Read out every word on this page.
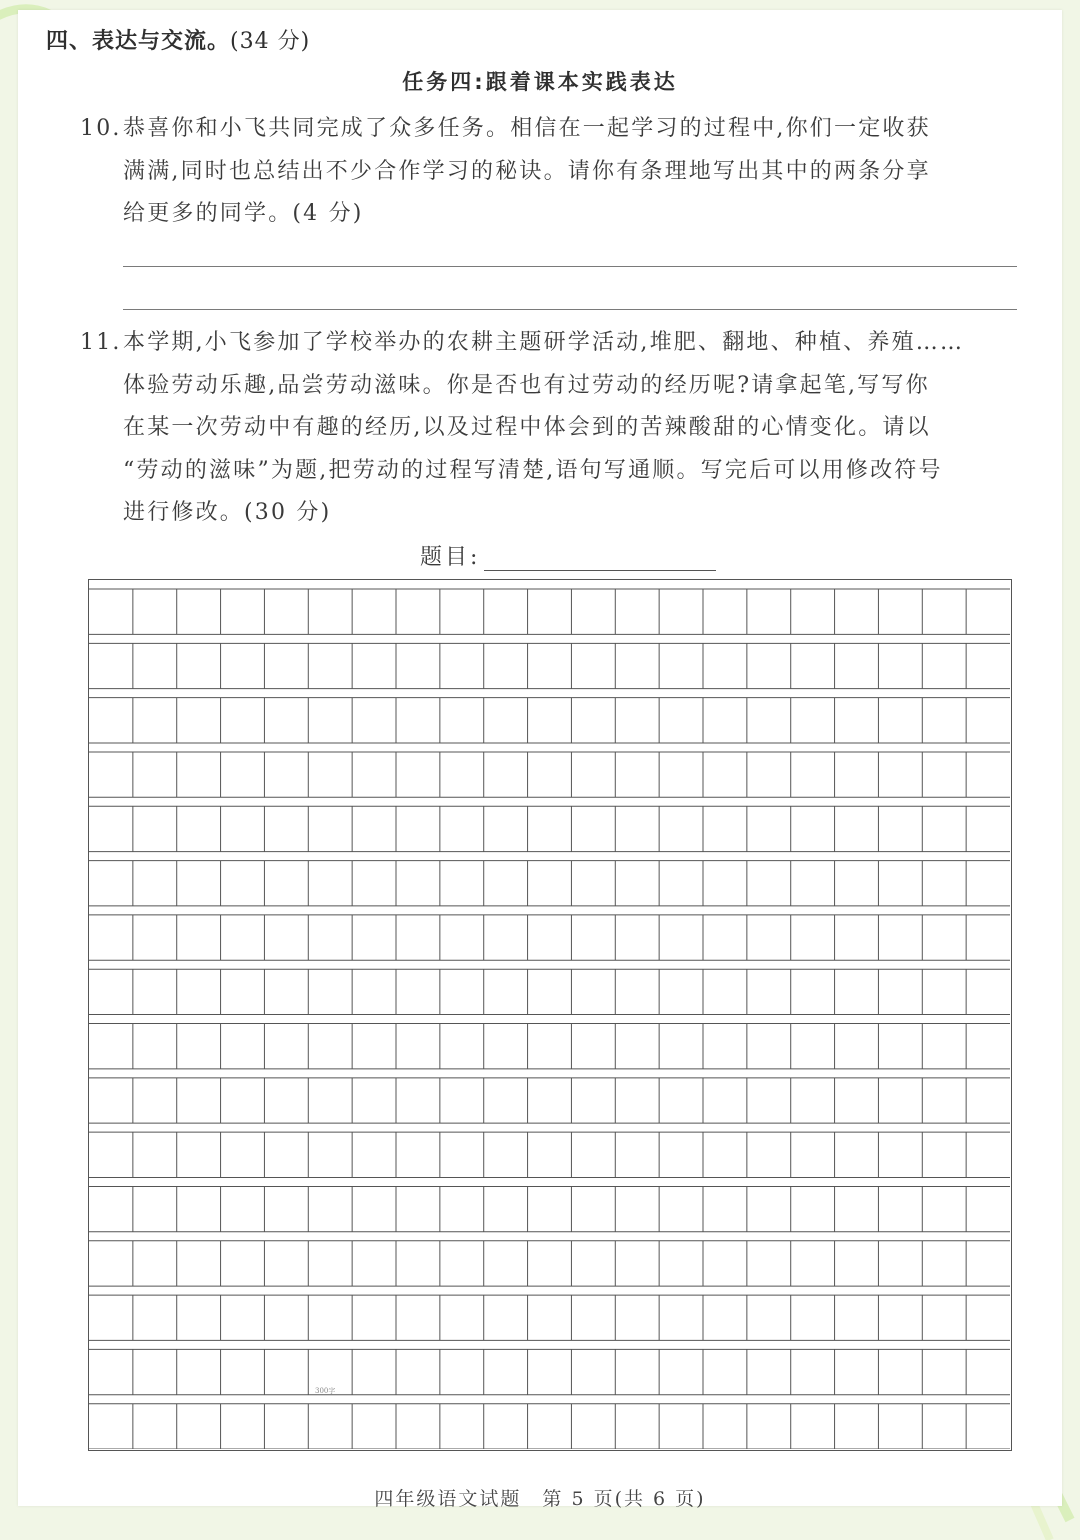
四、表达与交流。(34 分)
任务四:跟着课本实践表达
10. 恭喜你和小飞共同完成了众多任务。相信在一起学习的过程中,你们一定收获
满满,同时也总结出不少合作学习的秘诀。请你有条理地写出其中的两条分享
给更多的同学。(4 分)
11. 本学期,小飞参加了学校举办的农耕主题研学活动,堆肥、翻地、种植、养殖……
体验劳动乐趣,品尝劳动滋味。你是否也有过劳动的经历呢?请拿起笔,写写你
在某一次劳动中有趣的经历,以及过程中体会到的苦辣酸甜的心情变化。请以
“劳动的滋味”为题,把劳动的过程写清楚,语句写通顺。写完后可以用修改符号
进行修改。(30 分)
题目:
300字
四年级语文试题　第 5 页(共 6 页)
